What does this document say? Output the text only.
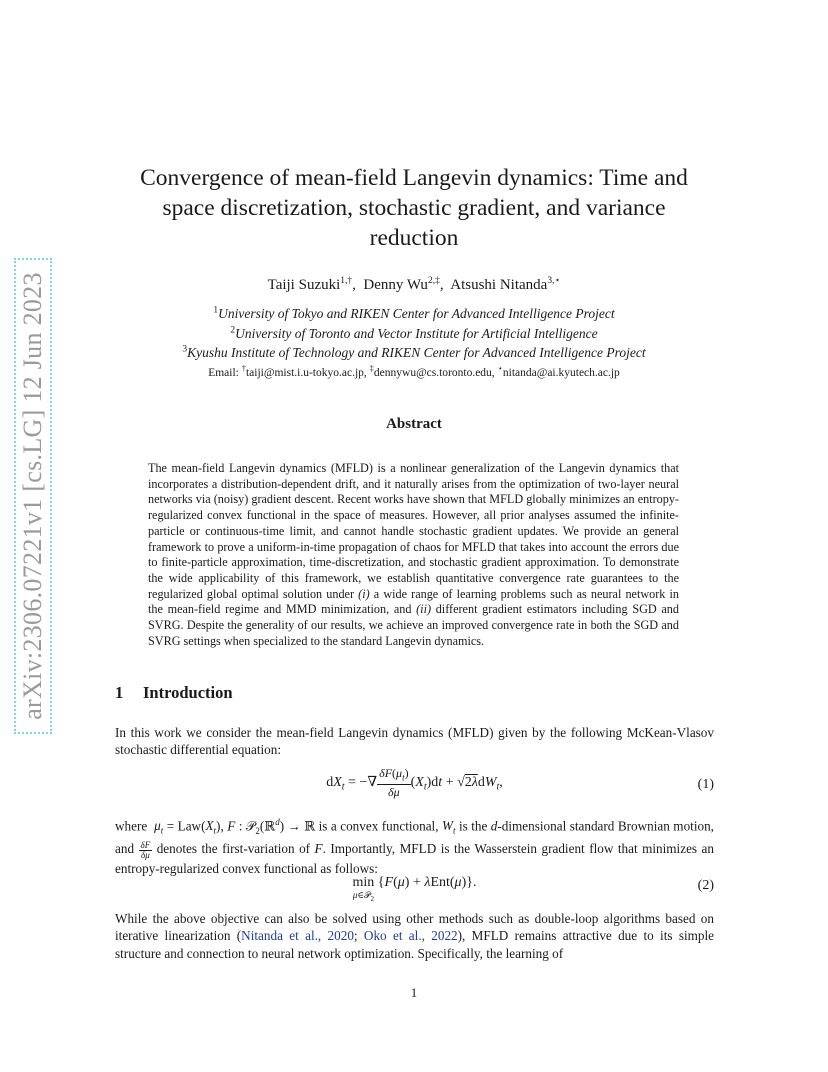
arXiv:2306.07221v1 [cs.LG] 12 Jun 2023
Convergence of mean-field Langevin dynamics: Time and
space discretization, stochastic gradient, and variance
reduction
Taiji Suzuki$^{1,\dagger}$,  Denny $Wu^{2,\ddagger}$,  Atsushi Nitanda$^{3,⋆}$
$^1$University of Tokyo and RIKEN Center for Advanced Intelligence Project
$^2$University of Toronto and Vector Institute for Artificial Intelligence
$^3$Kyushu Institute of Technology and RIKEN Center for Advanced Intelligence Project
Email: †taiji@mist.i.u-tokyo.ac.jp, ‡dennywu@cs.toronto.edu, ⋆nitanda@ai.kyutech.ac.jp
Abstract
The mean-field Langevin dynamics (MFLD) is a nonlinear generalization of the Langevin dynamics that incorporates a distribution-dependent drift, and it naturally arises from the optimization of two-layer neural networks via (noisy) gradient descent. Recent works have shown that MFLD globally minimizes an entropy-regularized convex functional in the space of measures. However, all prior analyses assumed the infinite-particle or continuous-time limit, and cannot handle stochastic gradient updates. We provide an general framework to prove a uniform-in-time propagation of chaos for MFLD that takes into account the errors due to finite-particle approximation, time-discretization, and stochastic gradient approximation. To demonstrate the wide applicability of this framework, we establish quantitative convergence rate guarantees to the regularized global optimal solution under (i) a wide range of learning problems such as neural network in the mean-field regime and MMD minimization, and (ii) different gradient estimators including SGD and SVRG. Despite the generality of our results, we achieve an improved convergence rate in both the SGD and SVRG settings when specialized to the standard Langevin dynamics.
1 Introduction
In this work we consider the mean-field Langevin dynamics (MFLD) given by the following McKean-Vlasov stochastic differential equation:
$dX_t$ = −∇ $\frac{\delta F(\mu_t)}{\delta\mu} (X_t)dt + √2\lambda dW_t$,	(1)
where $\mu_t = Law(X_t)$, F : 𝒫$_2$(ℝ$^d$) → ℝ is a convex functional, $W_t$ is the d-dimensional standard Brownian motion, and $\frac{\delta F}{\delta\mu}$ denotes the first-variation of F. Importantly, MFLD is the Wasserstein gradient flow that minimizes an entropy-regularized convex functional as follows:
min
μ∈𝒫$_2$
{F(μ) + λEnt(μ)}.	(2)
While the above objective can also be solved using other methods such as double-loop algorithms based on iterative linearization (Nitanda et al., 2020; Oko et al., 2022), MFLD remains attractive due to its simple structure and connection to neural network optimization. Specifically, the learning of
1
